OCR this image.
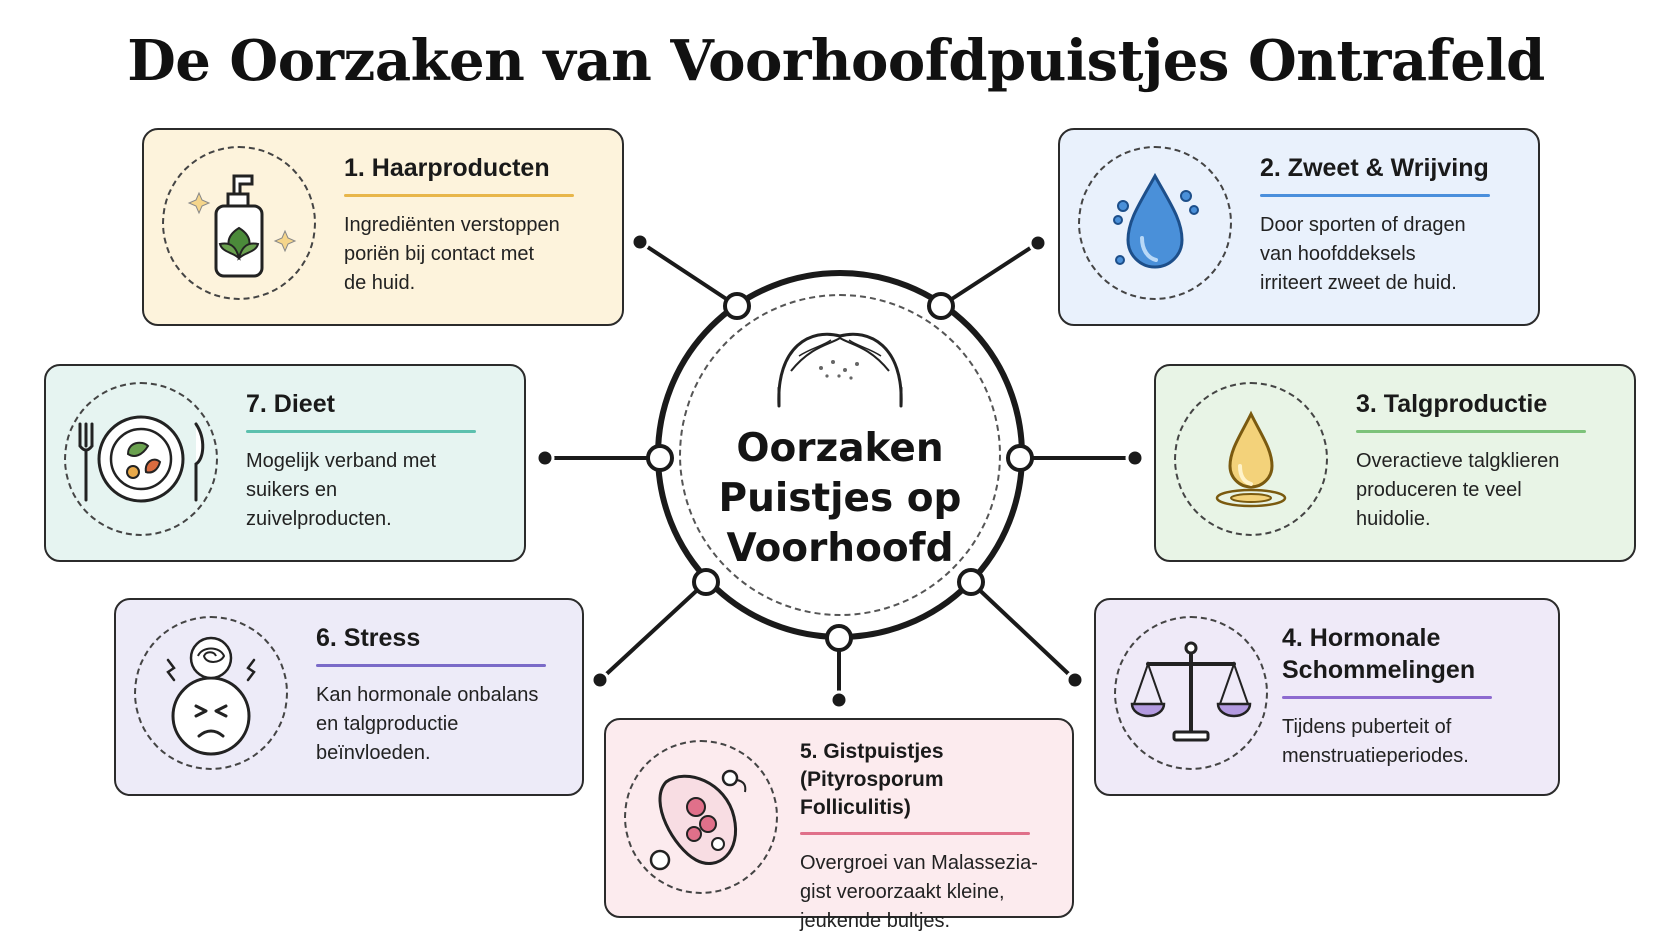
De Oorzaken van Voorhoofdpuistjes Ontrafeld
1. Haarproducten
Ingrediënten verstoppen
poriën bij contact met
de huid.
2. Zweet & Wrijving
Door sporten of dragen
van hoofddeksels
irriteert zweet de huid.
7. Dieet
Mogelijk verband met
suikers en
zuivelproducten.
3. Talgproductie
Overactieve talgklieren
produceren te veel
huidolie.
6. Stress
Kan hormonale onbalans
en talgproductie
beïnvloeden.
4. Hormonale Schommelingen
Tijdens puberteit of
menstruatieperiodes.
5. Gistpuistjes (Pityrosporum Folliculitis)
Overgroei van Malassezia-
gist veroorzaakt kleine,
jeukende bultjes.
Oorzaken
Puistjes op
Voorhoofd
